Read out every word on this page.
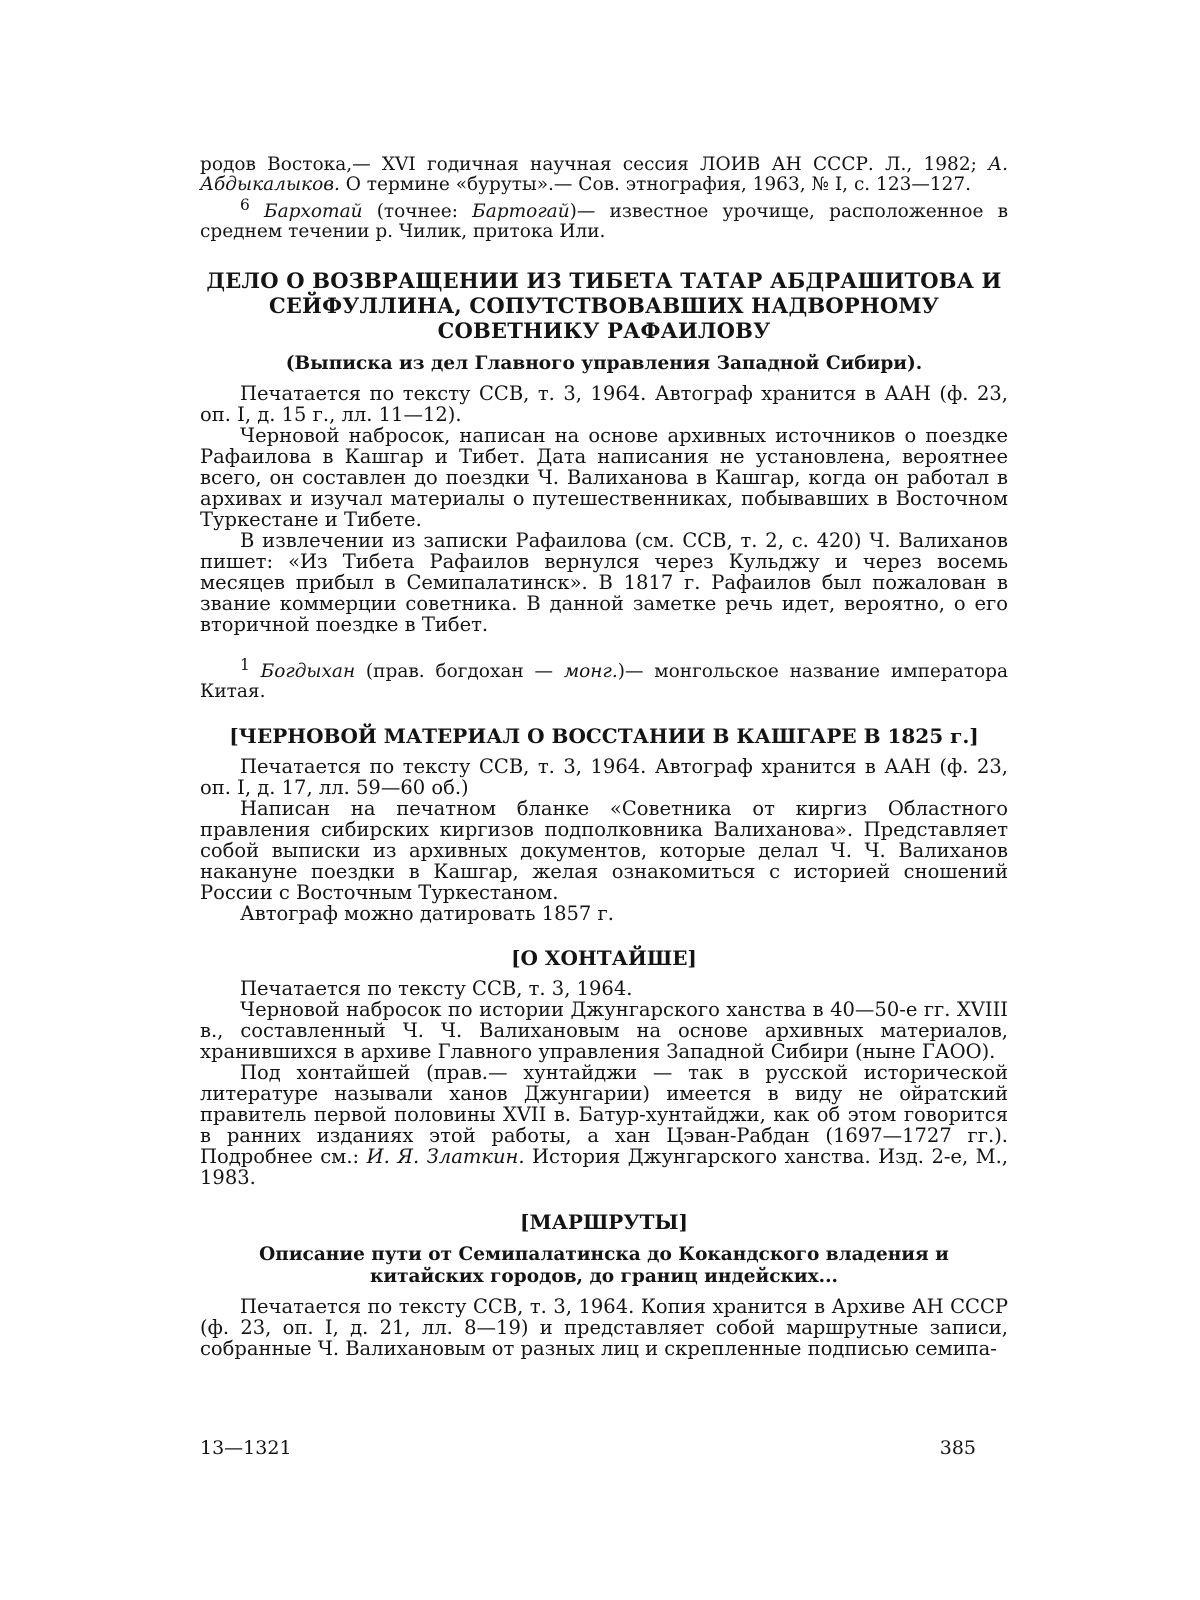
родов Востока,— XVI годичная научная сессия ЛОИВ АН СССР. Л., 1982; А. Абдыкалыков. О термине «буруты».— Сов. этнография, 1963, № I, с. 123—127.

$^6$ Бархотай (точнее: Бартогай)— известное урочище, расположенное в среднем течении р. Чилик, притока Или.

ДЕЛО О ВОЗВРАЩЕНИИ ИЗ ТИБЕТА ТАТАР АБДРАШИТОВА И СЕЙФУЛЛИНА, СОПУТСТВОВАВШИХ НАДВОРНОМУ СОВЕТНИКУ РАФАИЛОВУ
(Выписка из дел Главного управления Западной Сибири).

Печатается по тексту ССВ, т. 3, 1964. Автограф хранится в ААН (ф. 23, оп. I, д. 15 г., лл. 11—12).

Черновой набросок, написан на основе архивных источников о поездке Рафаилова в Кашгар и Тибет. Дата написания не установлена, вероятнее всего, он составлен до поездки Ч. Валиханова в Кашгар, когда он работал в архивах и изучал материалы о путешественниках, побывавших в Восточном Туркестане и Тибете.

В извлечении из записки Рафаилова (см. ССВ, т. 2, с. 420) Ч. Валиханов пишет: «Из Тибета Рафаилов вернулся через Кульджу и через восемь месяцев прибыл в Семипалатинск». В 1817 г. Рафаилов был пожалован в звание коммерции советника. В данной заметке речь идет, вероятно, о его вторичной поездке в Тибет.

$^1$ Богдыхан (прав. богдохан — монг.)— монгольское название императора Китая.

[ЧЕРНОВОЙ МАТЕРИАЛ О ВОССТАНИИ В КАШГАРЕ В 1825 г.]

Печатается по тексту ССВ, т. 3, 1964. Автограф хранится в ААН (ф. 23, оп. I, д. 17, лл. 59—60 об.)

Написан на печатном бланке «Советника от киргиз Областного правления сибирских киргизов подполковника Валиханова». Представляет собой выписки из архивных документов, которые делал Ч. Ч. Валиханов накануне поездки в Кашгар, желая ознакомиться с историей сношений России с Восточным Туркестаном.

Автограф можно датировать 1857 г.

[О ХОНТАЙШЕ]

Печатается по тексту ССВ, т. 3, 1964.

Черновой набросок по истории Джунгарского ханства в 40—50-е гг. XVIII в., составленный Ч. Ч. Валихановым на основе архивных материалов, хранившихся в архиве Главного управления Западной Сибири (ныне ГАОО).

Под хонтайшей (прав.— хунтайджи — так в русской исторической литературе называли ханов Джунгарии) имеется в виду не ойратский правитель первой половины XVII в. Батур-хунтайджи, как об этом говорится в ранних изданиях этой работы, а хан Цэван-Рабдан (1697—1727 гг.). Подробнее см.: И. Я. Златкин. История Джунгарского ханства. Изд. 2-е, М., 1983.

[МАРШРУТЫ]
Описание пути от Семипалатинска до Кокандского владения и китайских городов, до границ индейских...

Печатается по тексту ССВ, т. 3, 1964. Копия хранится в Архиве АН СССР (ф. 23, оп. I, д. 21, лл. 8—19) и представляет собой маршрутные записи, собранные Ч. Валихановым от разных лиц и скрепленные подписью семипа-

13—1321	385
